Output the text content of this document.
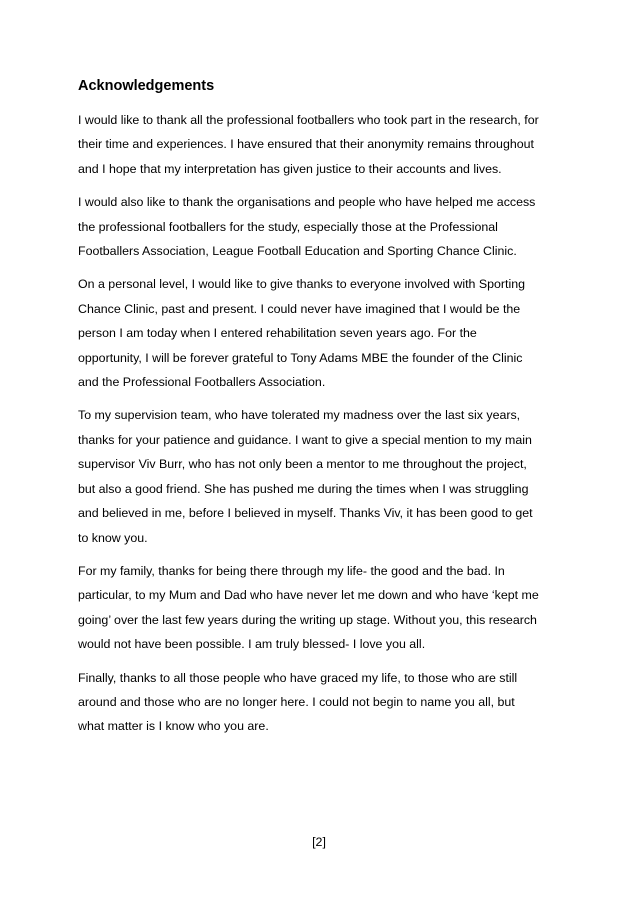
Acknowledgements
I would like to thank all the professional footballers who took part in the research, for
their time and experiences. I have ensured that their anonymity remains throughout
and I hope that my interpretation has given justice to their accounts and lives.
I would also like to thank the organisations and people who have helped me access
the professional footballers for the study, especially those at the Professional
Footballers Association, League Football Education and Sporting Chance Clinic.
On a personal level, I would like to give thanks to everyone involved with Sporting
Chance Clinic, past and present. I could never have imagined that I would be the
person I am today when I entered rehabilitation seven years ago. For the
opportunity, I will be forever grateful to Tony Adams MBE the founder of the Clinic
and the Professional Footballers Association.
To my supervision team, who have tolerated my madness over the last six years,
thanks for your patience and guidance. I want to give a special mention to my main
supervisor Viv Burr, who has not only been a mentor to me throughout the project,
but also a good friend. She has pushed me during the times when I was struggling
and believed in me, before I believed in myself. Thanks Viv, it has been good to get
to know you.
For my family, thanks for being there through my life- the good and the bad. In
particular, to my Mum and Dad who have never let me down and who have ‘kept me
going’ over the last few years during the writing up stage. Without you, this research
would not have been possible. I am truly blessed- I love you all.
Finally, thanks to all those people who have graced my life, to those who are still
around and those who are no longer here. I could not begin to name you all, but
what matter is I know who you are.
[2]
